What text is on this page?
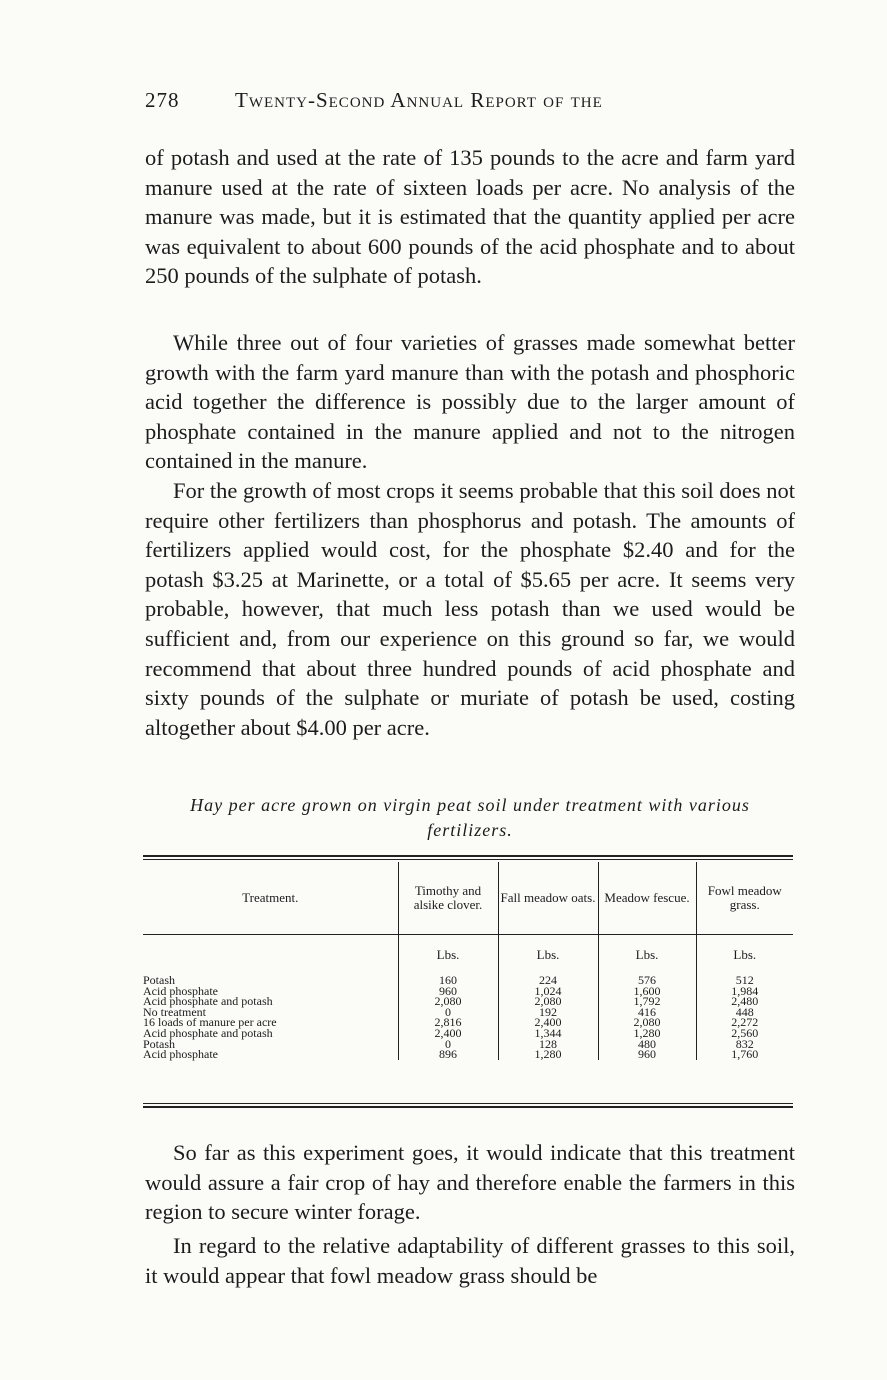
278	Twenty-Second Annual Report of the

of potash and used at the rate of 135 pounds to the acre and farm yard manure used at the rate of sixteen loads per acre. No analysis of the manure was made, but it is estimated that the quantity applied per acre was equivalent to about 600 pounds of the acid phosphate and to about 250 pounds of the sulphate of potash.

While three out of four varieties of grasses made somewhat better growth with the farm yard manure than with the potash and phosphoric acid together the difference is possibly due to the larger amount of phosphate contained in the manure applied and not to the nitrogen contained in the manure.

For the growth of most crops it seems probable that this soil does not require other fertilizers than phosphorus and potash. The amounts of fertilizers applied would cost, for the phosphate $2.40 and for the potash $3.25 at Marinette, or a total of $5.65 per acre. It seems very probable, however, that much less potash than we used would be sufficient and, from our experience on this ground so far, we would recommend that about three hundred pounds of acid phosphate and sixty pounds of the sulphate or muriate of potash be used, costing altogether about $4.00 per acre.

Hay per acre grown on virgin peat soil under treatment with various fertilizers.
Treatment.	Timothy and alsike clover.	Fall meadow oats.	Meadow fescue.	Fowl meadow grass.
	Lbs.	Lbs.	Lbs.	Lbs.
Potash	160	224	576	512
Acid phosphate	960	1,024	1,600	1,984
Acid phosphate and potash	2,080	2,080	1,792	2,480
No treatment	0	192	416	448
16 loads of manure per acre	2,816	2,400	2,080	2,272
Acid phosphate and potash	2,400	1,344	1,280	2,560
Potash	0	128	480	832
Acid phosphate	896	1,280	960	1,760

So far as this experiment goes, it would indicate that this treatment would assure a fair crop of hay and therefore enable the farmers in this region to secure winter forage.

In regard to the relative adaptability of different grasses to this soil, it would appear that fowl meadow grass should be
